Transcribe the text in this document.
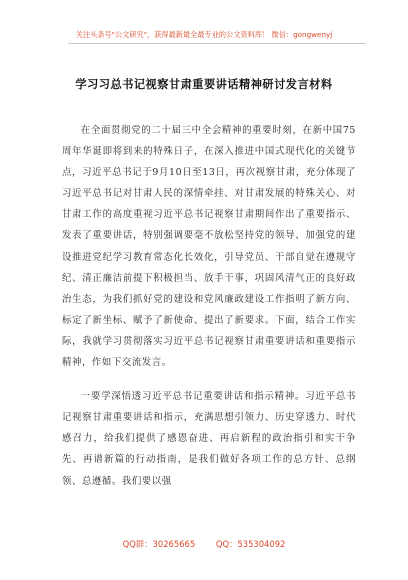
关注头条号"公文研究"，获得最新最全最专业的公文资料库！ 微信：gongwenyj
学习习总书记视察甘肃重要讲话精神研讨发言材料

在全面贯彻党的二十届三中全会精神的重要时刻，在新中国75周年华诞即将到来的特殊日子，在深入推进中国式现代化的关键节点，习近平总书记于9月10日至13日，再次视察甘肃，充分体现了习近平总书记对甘肃人民的深情牵挂、对甘肃发展的特殊关心、对甘肃工作的高度重视习近平总书记视察甘肃期间作出了重要指示、发表了重要讲话，特别强调要毫不放松坚持党的领导、加强党的建设推进党纪学习教育常态化长效化，引导党员、干部自觉在遵规守纪、清正廉洁前提下积极担当、放手干事，巩固风清气正的良好政治生态，为我们抓好党的建设和党风廉政建设工作指明了新方向、标定了新坐标、赋予了新使命、提出了新要求。下面，结合工作实际，我就学习贯彻落实习近平总书记视察甘肃重要讲话和重要指示精神，作如下交流发言。

一要学深悟透习近平总书记重要讲话和指示精神。习近平总书记视察甘肃重要讲话和指示，充满思想引领力、历史穿透力、时代感召力，给我们提供了感恩奋进、再启新程的政治指引和实干争先、再谱新篇的行动指南，是我们做好各项工作的总方针、总纲领、总遵循。我们要以强

QQ群：30265665 QQ：535304092
